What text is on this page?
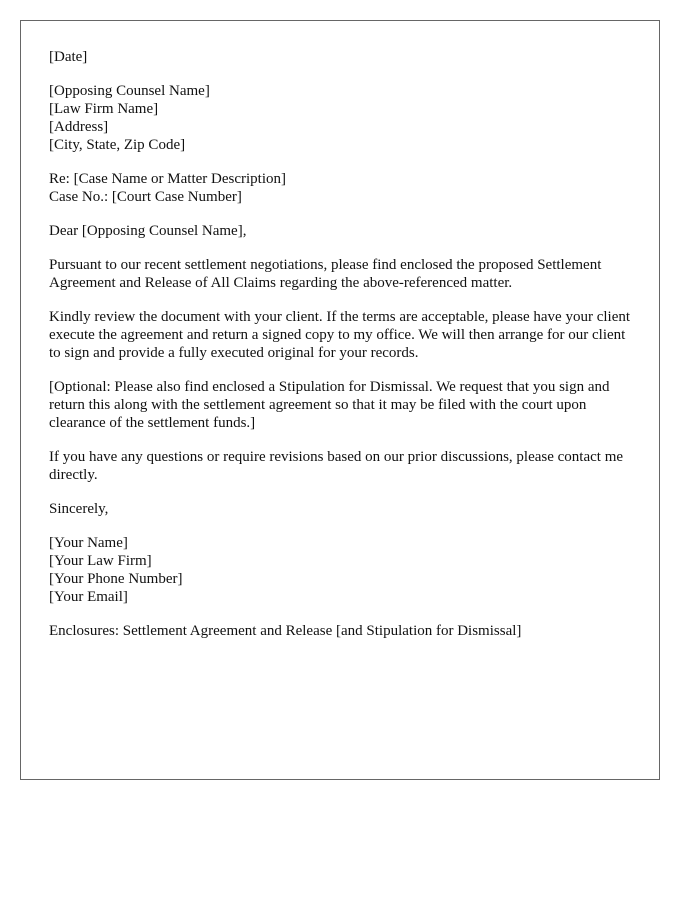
[Date]
[Opposing Counsel Name]
[Law Firm Name]
[Address]
[City, State, Zip Code]
Re: [Case Name or Matter Description]
Case No.: [Court Case Number]
Dear [Opposing Counsel Name],
Pursuant to our recent settlement negotiations, please find enclosed the proposed Settlement Agreement and Release of All Claims regarding the above-referenced matter.
Kindly review the document with your client. If the terms are acceptable, please have your client execute the agreement and return a signed copy to my office. We will then arrange for our client to sign and provide a fully executed original for your records.
[Optional: Please also find enclosed a Stipulation for Dismissal. We request that you sign and return this along with the settlement agreement so that it may be filed with the court upon clearance of the settlement funds.]
If you have any questions or require revisions based on our prior discussions, please contact me directly.
Sincerely,
[Your Name]
[Your Law Firm]
[Your Phone Number]
[Your Email]
Enclosures: Settlement Agreement and Release [and Stipulation for Dismissal]
